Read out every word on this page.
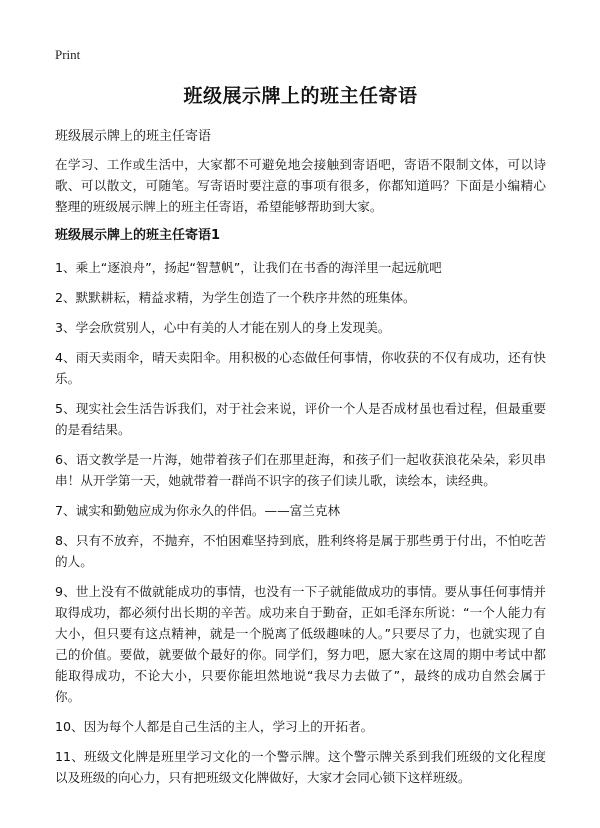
Print
班级展示牌上的班主任寄语
班级展示牌上的班主任寄语

在学习、工作或生活中，大家都不可避免地会接触到寄语吧，寄语不限制文体，可以诗歌、可以散文，可随笔。写寄语时要注意的事项有很多，你都知道吗？下面是小编精心整理的班级展示牌上的班主任寄语，希望能够帮助到大家。

班级展示牌上的班主任寄语1

1、乘上“逐浪舟”，扬起“智慧帆”，让我们在书香的海洋里一起远航吧

2、默默耕耘，精益求精，为学生创造了一个秩序井然的班集体。

3、学会欣赏别人，心中有美的人才能在别人的身上发现美。

4、雨天卖雨伞，晴天卖阳伞。用积极的心态做任何事情，你收获的不仅有成功，还有快乐。

5、现实社会生活告诉我们，对于社会来说，评价一个人是否成材虽也看过程，但最重要的是看结果。

6、语文教学是一片海，她带着孩子们在那里赶海，和孩子们一起收获浪花朵朵，彩贝串串！从开学第一天，她就带着一群尚不识字的孩子们读儿歌，读绘本，读经典。

7、诚实和勤勉应成为你永久的伴侣。——富兰克林

8、只有不放弃，不抛弃，不怕困难坚持到底，胜利终将是属于那些勇于付出，不怕吃苦的人。

9、世上没有不做就能成功的事情，也没有一下子就能做成功的事情。要从事任何事情并取得成功，都必须付出长期的辛苦。成功来自于勤奋，正如毛泽东所说：“一个人能力有大小，但只要有这点精神，就是一个脱离了低级趣味的人。”只要尽了力，也就实现了自己的价值。要做，就要做个最好的你。同学们，努力吧，愿大家在这周的期中考试中都能取得成功，不论大小，只要你能坦然地说“我尽力去做了”，最终的成功自然会属于你。

10、因为每个人都是自己生活的主人，学习上的开拓者。

11、班级文化牌是班里学习文化的一个警示牌。这个警示牌关系到我们班级的文化程度以及班级的向心力，只有把班级文化牌做好，大家才会同心锁下这样班级。
